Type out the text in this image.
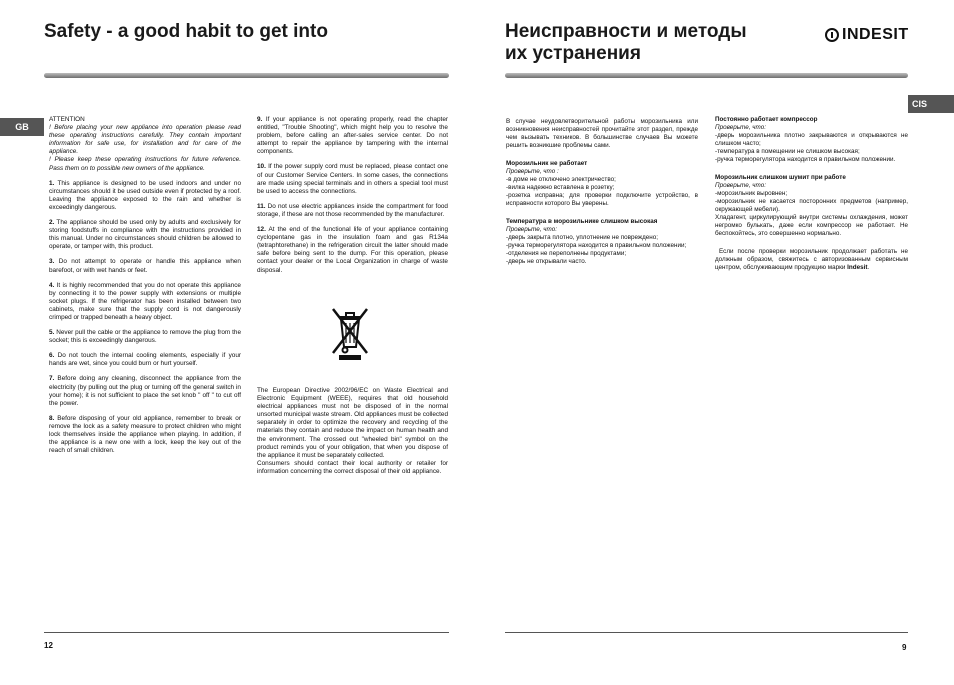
Safety - a good habit to get into
GB

ATTENTION

! Before placing your new appliance into operation please read these operating instructions carefully. They contain important information for safe use, for installation and for care of the appliance.

! Please keep these operating instructions for future reference. Pass them on to possible new owners of the appliance.

1. This appliance is designed to be used indoors and under no circumstances should it be used outside even if protected by a roof. Leaving the appliance exposed to the rain and whether is exceedingly dangerous.

2. The appliance should be used only by adults and exclusively for storing foodstuffs in compliance with the instructions provided in this manual. Under no circumstances should children be allowed to operate, or tamper with, this product.

3. Do not attempt to operate or handle this appliance when barefoot, or with wet hands or feet.

4. It is highly recommended that you do not operate this appliance by connecting it to the power supply with extensions or multiple socket plugs. If the refrigerator has been installed between two cabinets, make sure that the supply cord is not dangerously crimped or trapped beneath a heavy object.

5. Never pull the cable or the appliance to remove the plug from the socket; this is exceedingly dangerous.

6. Do not touch the internal cooling elements, especially if your hands are wet, since you could burn or hurt yourself.

7. Before doing any cleaning, disconnect the appliance from the electricity (by pulling out the plug or turning off the general switch in your home); it is not sufficient to place the set knob " off " to cut off the power.

8. Before disposing of your old appliance, remember to break or remove the lock as a safety measure to protect children who might lock themselves inside the appliance when playing. In addition, if the appliance is a new one with a lock, keep the key out of the reach of small children.

9. If your appliance is not operating properly, read the chapter entitled, "Trouble Shooting", which might help you to resolve the problem, before calling an after-sales service center. Do not attempt to repair the appliance by tampering with the internal components.

10. If the power supply cord must be replaced, please contact one of our Customer Service Centers. In some cases, the connections are made using special terminals and in others a special tool must be used to access the connections.

11. Do not use electric appliances inside the compartment for food storage, if these are not those recommended by the manufacturer.

12. At the end of the functional life of your appliance containing cyclopentane gas in the insulation foam and gas R134a (tetraphtorethane) in the refrigeration circuit the latter should made safe before being sent to the dump. For this operation, please contact your dealer or the Local Organization in charge of waste disposal.

The European Directive 2002/96/EC on Waste Electrical and Electronic Equipment (WEEE), requires that old household electrical appliances must not be disposed of in the normal unsorted municipal waste stream. Old appliances must be collected separately in order to optimize the recovery and recycling of the materials they contain and reduce the impact on human health and the environment. The crossed out "wheeled bin" symbol on the product reminds you of your obligation, that when you dispose of the appliance it must be separately collected.
Consumers should contact their local authority or retailer for information concerning the correct disposal of their old appliance.
12
Неисправности и методы
их устранения
INDESIT
CIS
В случае неудовлетворительной работы морозильника или возникновения неисправностей прочитайте этот раздел, прежде чем вызывать техников. В большинстве случаев Вы можете решить возникшие проблемы сами.
Морозильник не работает
Проверьте, что :
-в доме не отключено электричество;
-вилка надежно вставлена в розетку;
-розетка исправна; для проверки подключите устройство, в исправности которого Вы уверены.
Температура в морозильнике слишком высокая
Проверьте, что:
-дверь закрыта плотно, уплотнение не повреждено;
-ручка терморегулятора находится в правильном положении;
-отделения не переполнены продуктами;
-дверь не открывали часто.
Постоянно работает компрессор
Проверьте, что:
-дверь морозильника плотно закрываются и открываются не слишком часто;
-температура в помещении не слишком высокая;
-ручка терморегулятора находится в правильном положении.
Морозильник слишком шумит при работе
Проверьте, что:
-морозильник выровнен;
-морозильник не касается посторонних предметов (например, окружающей мебели).
Хладагент, циркулирующий внутри системы охлаждения, может негромко булькать, даже если компрессор не работает. Не беспокойтесь, это совершенно нормально.
Если после проверки морозильник продолжает работать не должным образом, свяжитесь с авторизованным сервисным центром, обслуживающим продукцию марки Indesit.
9
